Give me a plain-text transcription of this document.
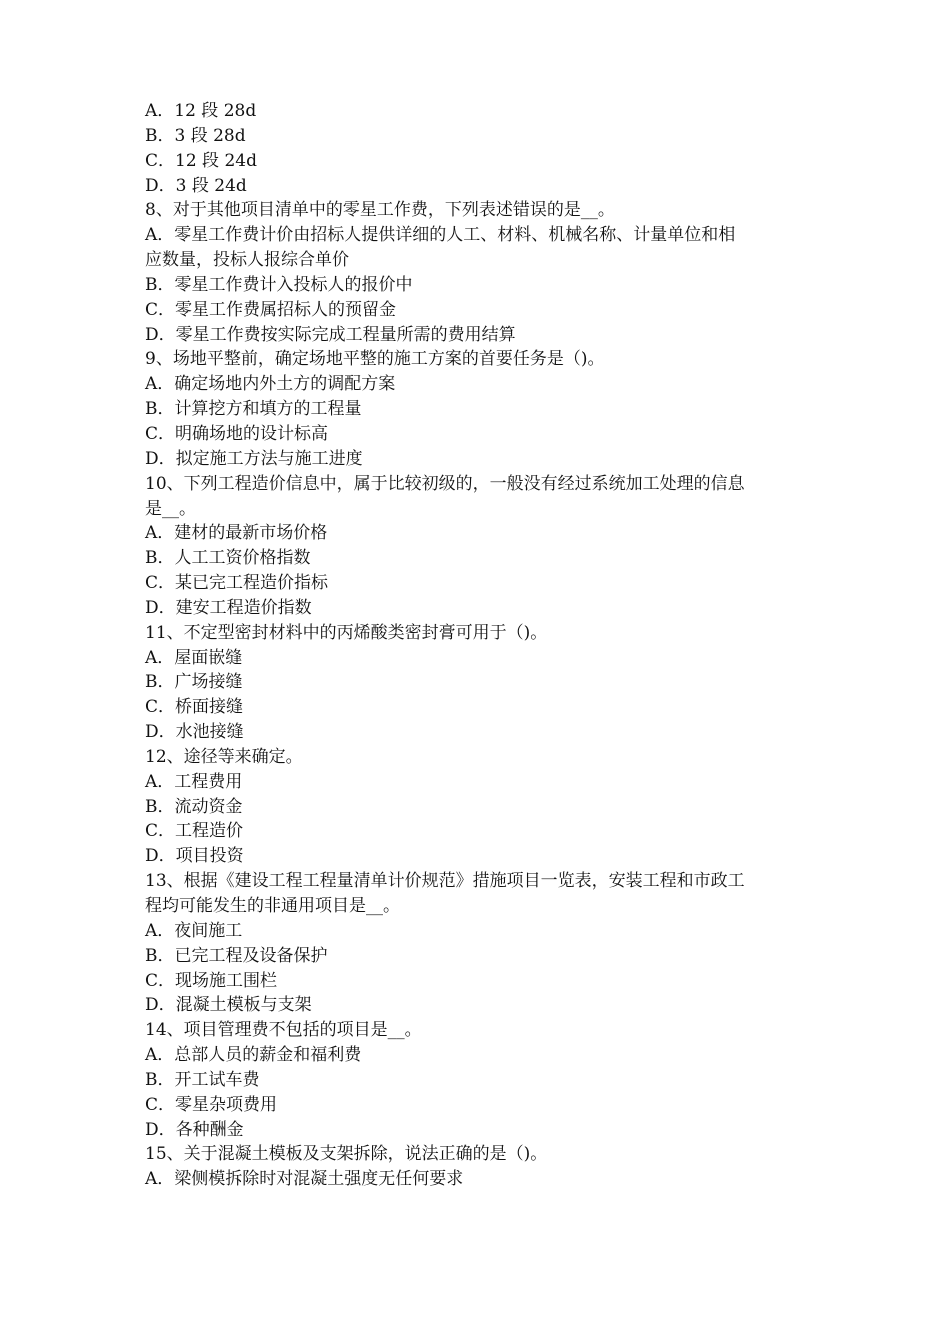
A．12 段 28d

B．3 段 28d

C．12 段 24d

D．3 段 24d

8、对于其他项目清单中的零星工作费，下列表述错误的是__。

A．零星工作费计价由招标人提供详细的人工、材料、机械名称、计量单位和相

应数量，投标人报综合单价

B．零星工作费计入投标人的报价中

C．零星工作费属招标人的预留金

D．零星工作费按实际完成工程量所需的费用结算

9、场地平整前，确定场地平整的施工方案的首要任务是（)。

A．确定场地内外土方的调配方案

B．计算挖方和填方的工程量

C．明确场地的设计标高

D．拟定施工方法与施工进度

10、下列工程造价信息中，属于比较初级的，一般没有经过系统加工处理的信息

是__。

A．建材的最新市场价格

B．人工工资价格指数

C．某已完工程造价指标

D．建安工程造价指数

11、不定型密封材料中的丙烯酸类密封膏可用于（)。

A．屋面嵌缝

B．广场接缝

C．桥面接缝

D．水池接缝

12、途径等来确定。

A．工程费用

B．流动资金

C．工程造价

D．项目投资

13、根据《建设工程工程量清单计价规范》措施项目一览表，安装工程和市政工

程均可能发生的非通用项目是__。

A．夜间施工

B．已完工程及设备保护

C．现场施工围栏

D．混凝土模板与支架

14、项目管理费不包括的项目是__。

A．总部人员的薪金和福利费

B．开工试车费

C．零星杂项费用

D．各种酬金

15、关于混凝土模板及支架拆除，说法正确的是（)。

A．梁侧模拆除时对混凝土强度无任何要求
